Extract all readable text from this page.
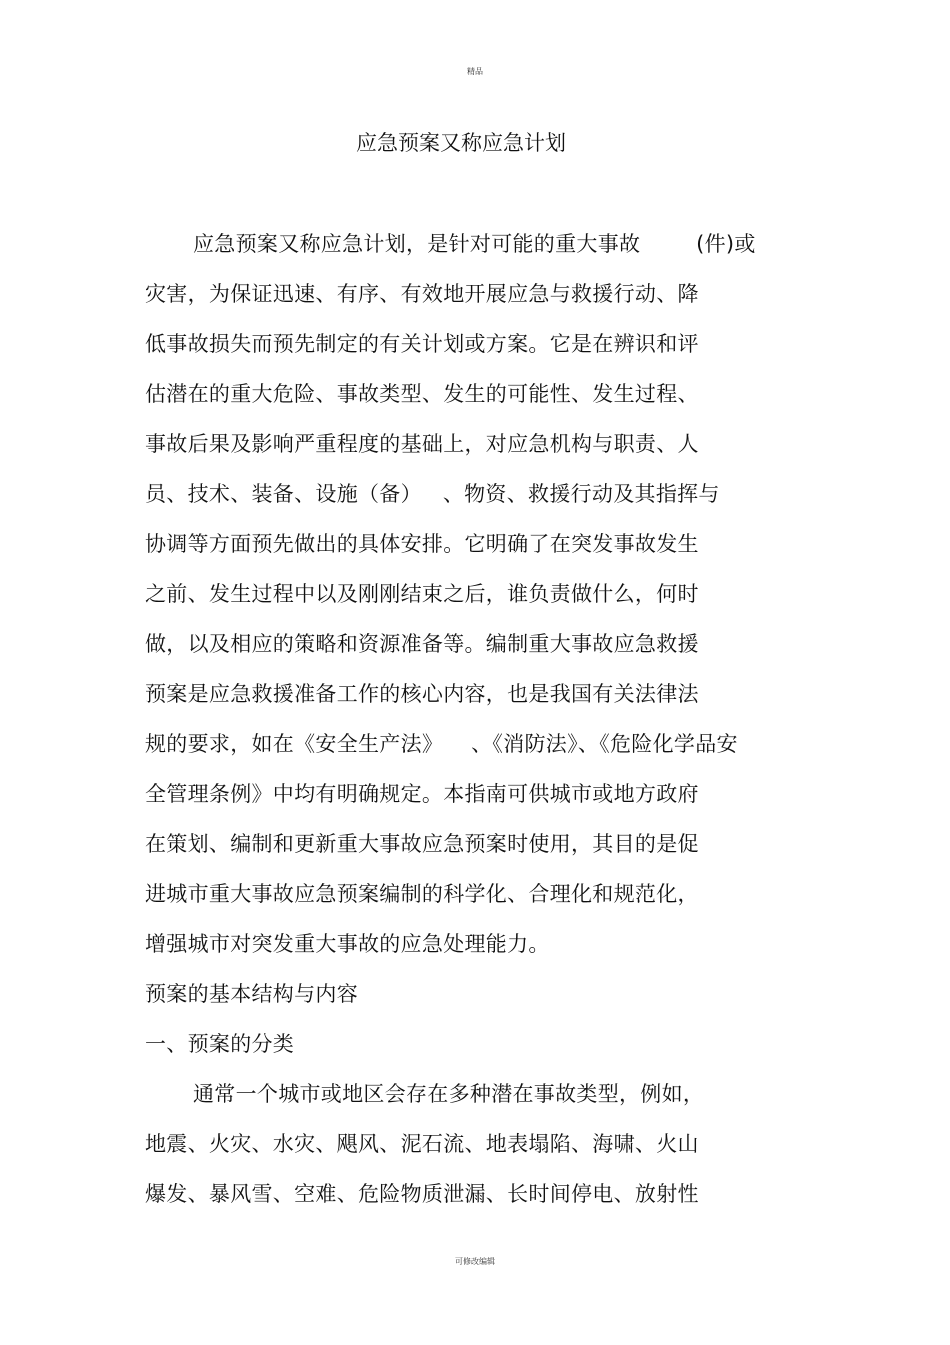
精品
应急预案又称应急计划
应急预案又称应急计划，是针对可能的重大事故        (件)或
灾害，为保证迅速、有序、有效地开展应急与救援行动、降
低事故损失而预先制定的有关计划或方案。它是在辨识和评
估潜在的重大危险、事故类型、发生的可能性、发生过程、
事故后果及影响严重程度的基础上，对应急机构与职责、人
员、技术、装备、设施（备）   、物资、救援行动及其指挥与
协调等方面预先做出的具体安排。它明确了在突发事故发生
之前、发生过程中以及刚刚结束之后，谁负责做什么，何时
做，以及相应的策略和资源准备等。编制重大事故应急救援
预案是应急救援准备工作的核心内容，也是我国有关法律法
规的要求，如在《安全生产法》    、《消防法》、《危险化学品安
全管理条例》中均有明确规定。本指南可供城市或地方政府
在策划、编制和更新重大事故应急预案时使用，其目的是促
进城市重大事故应急预案编制的科学化、合理化和规范化，
增强城市对突发重大事故的应急处理能力。
预案的基本结构与内容
一、预案的分类
通常一个城市或地区会存在多种潜在事故类型，例如，
地震、火灾、水灾、飓风、泥石流、地表塌陷、海啸、火山
爆发、暴风雪、空难、危险物质泄漏、长时间停电、放射性
可修改编辑
